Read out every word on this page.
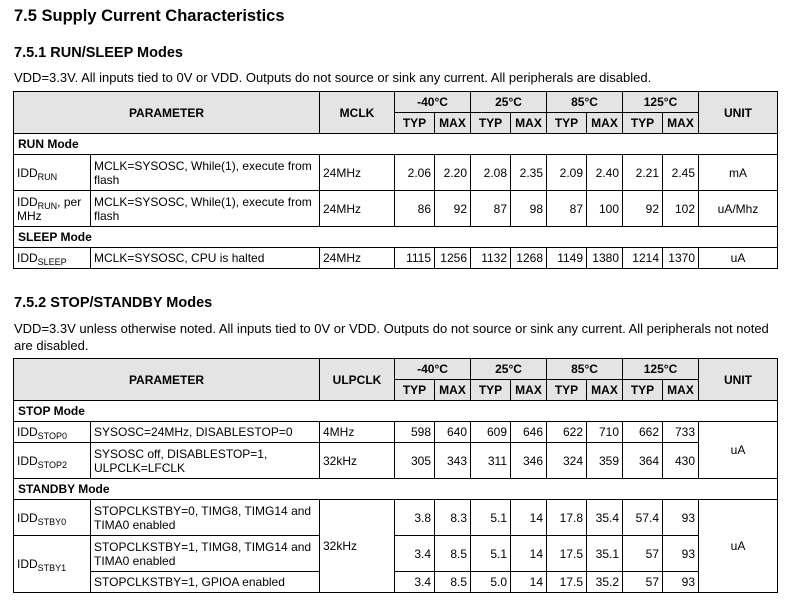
7.5 Supply Current Characteristics
7.5.1 RUN/SLEEP Modes
VDD=3.3V. All inputs tied to 0V or VDD. Outputs do not source or sink any current. All peripherals are disabled.
PARAMETER		MCLK	-40°C		25°C		85°C		125°C		UNIT
			TYP	MAX	TYP	MAX	TYP	MAX	TYP	MAX	
RUN Mode											
$IDD_{RUN}$	MCLK=SYSOSC, While(1), execute from flash	24MHz	2.06	2.20	2.08	2.35	2.09	2.40	2.21	2.45	mA
$IDD_{RUN}$, per MHz	MCLK=SYSOSC, While(1), execute from flash	24MHz	86	92	87	98	87	100	92	102	uA/Mhz
SLEEP Mode											
$IDD_{SLEEP}$	MCLK=SYSOSC, CPU is halted	24MHz	1115	1256	1132	1268	1149	1380	1214	1370	uA
7.5.2 STOP/STANDBY Modes
VDD=3.3V unless otherwise noted. All inputs tied to 0V or VDD. Outputs do not source or sink any current. All peripherals not noted are disabled.
PARAMETER		ULPCLK	-40°C		25°C		85°C		125°C		UNIT
			TYP	MAX	TYP	MAX	TYP	MAX	TYP	MAX	
STOP Mode											
$IDD_{STOP0}$	SYSOSC=24MHz, DISABLESTOP=0	4MHz	598	640	609	646	622	710	662	733	uA
$IDD_{STOP2}$	SYSOSC off, DISABLESTOP=1, ULPCLK=LFCLK	32kHz	305	343	311	346	324	359	364	430	
STANDBY Mode											
$IDD_{STBY0}$	STOPCLKSTBY=0, TIMG8, TIMG14 and TIMA0 enabled	32kHz	3.8	8.3	5.1	14	17.8	35.4	57.4	93	uA
$IDD_{STBY1}$	STOPCLKSTBY=1, TIMG8, TIMG14 and TIMA0 enabled		3.4	8.5	5.1	14	17.5	35.1	57	93	
	STOPCLKSTBY=1, GPIOA enabled		3.4	8.5	5.0	14	17.5	35.2	57	93	
